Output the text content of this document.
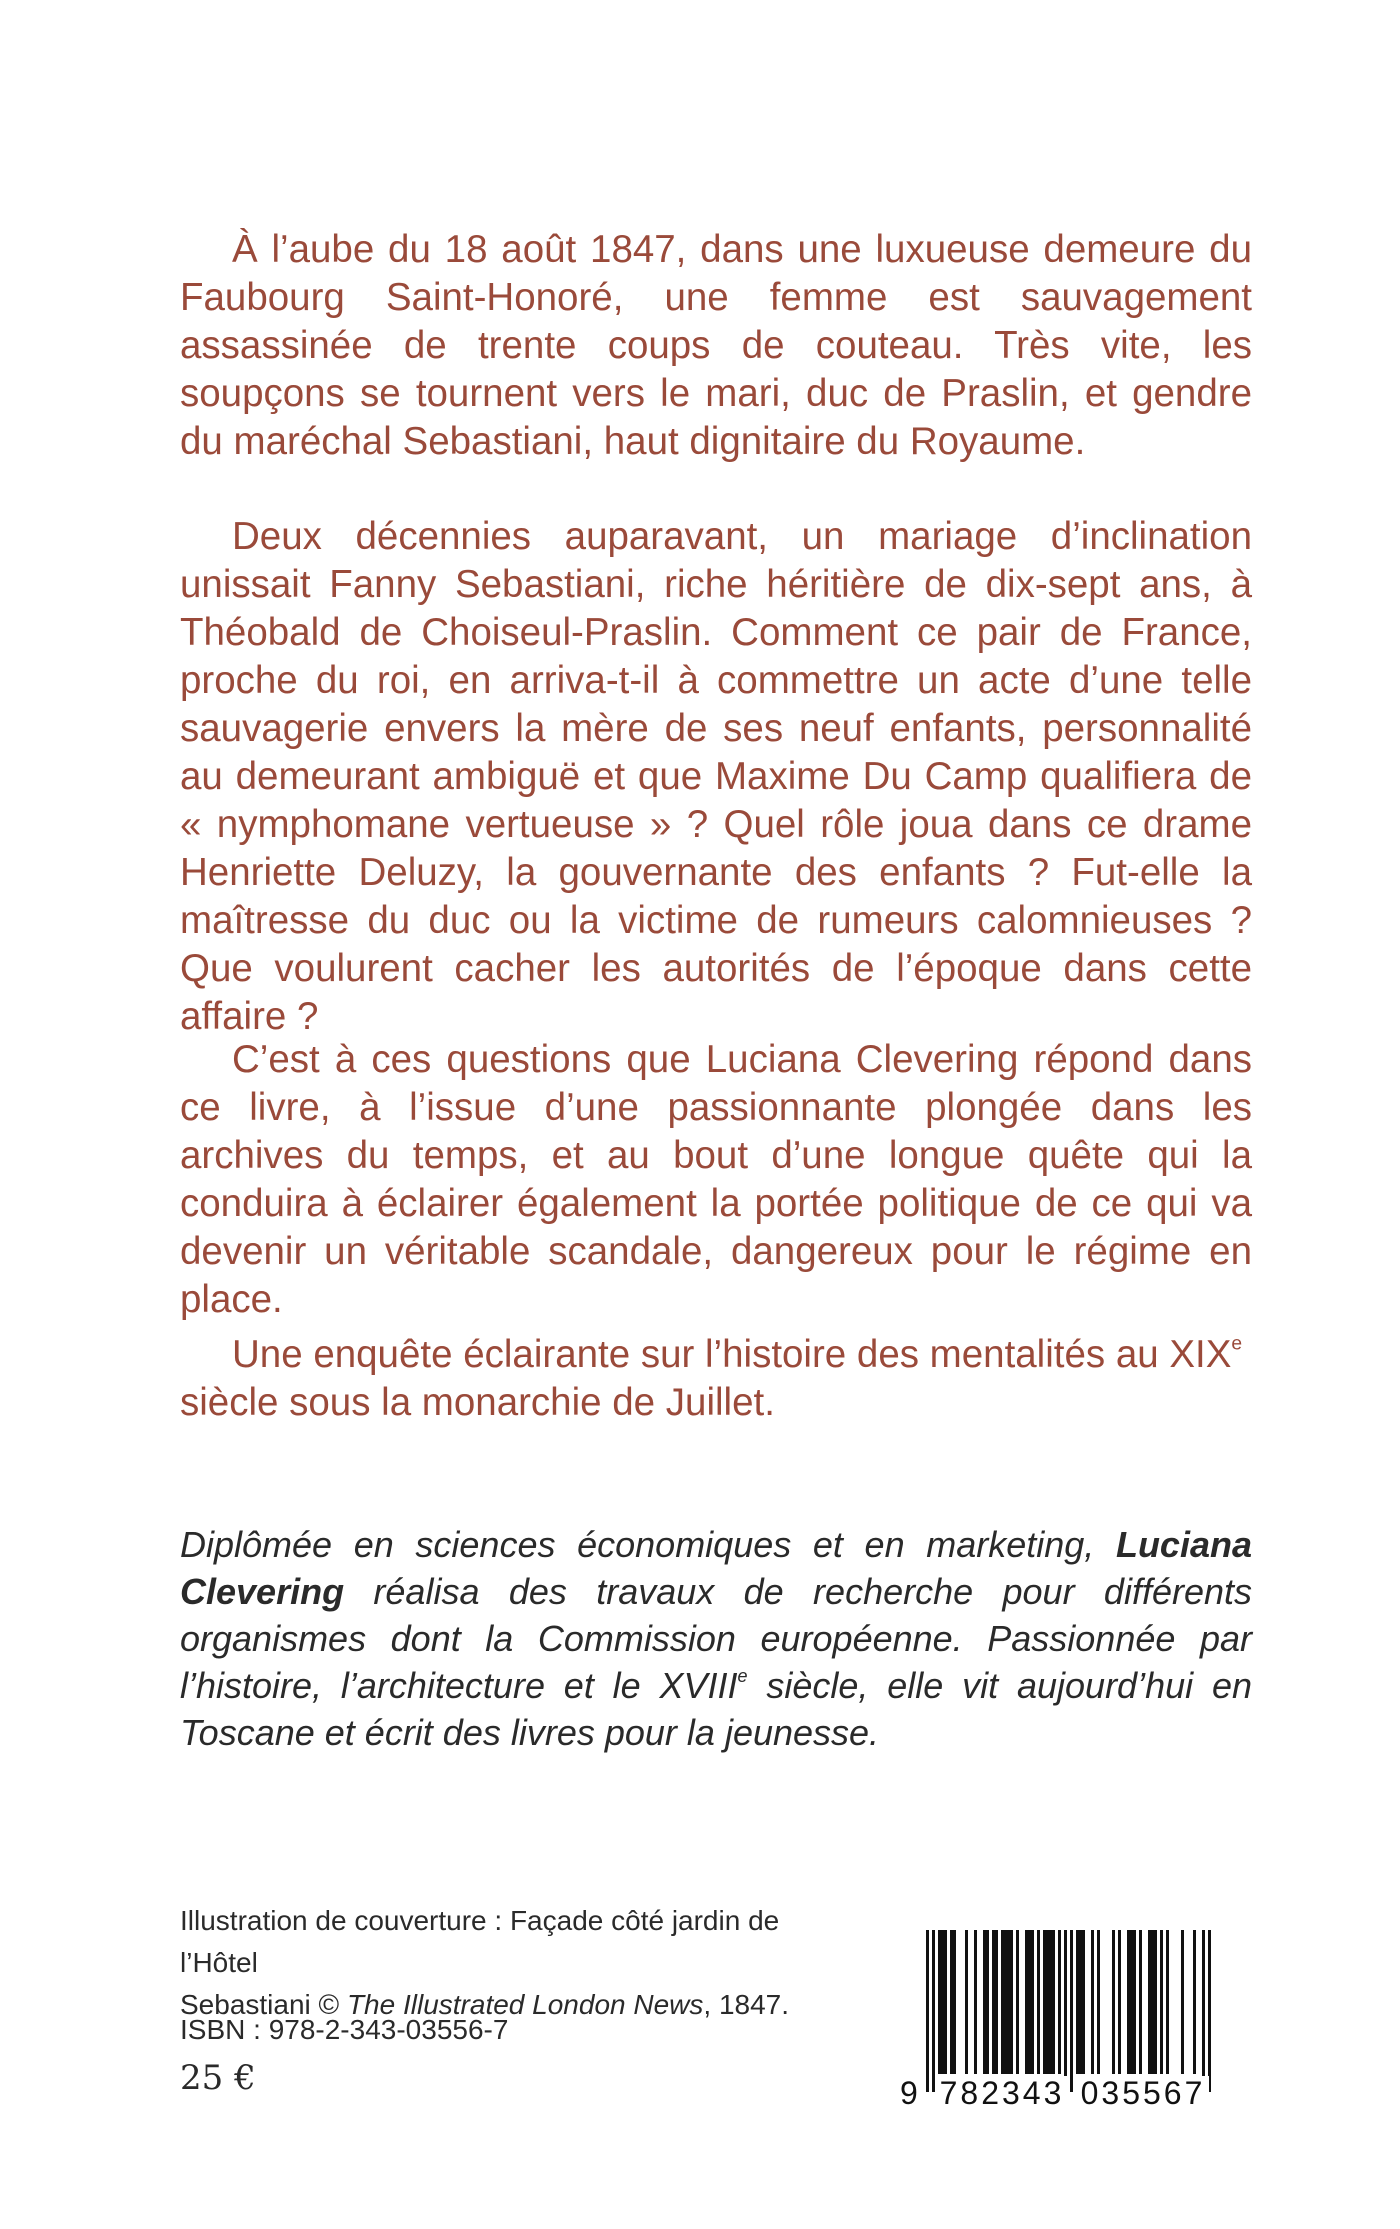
À l’aube du 18 août 1847, dans une luxueuse demeure du Faubourg Saint-Honoré, une femme est sauvagement assassinée de trente coups de couteau. Très vite, les soupçons se tournent vers le mari, duc de Praslin, et gendre du maréchal Sebastiani, haut dignitaire du Royaume.

Deux décennies auparavant, un mariage d’inclination unissait Fanny Sebastiani, riche héritière de dix-sept ans, à Théobald de Choiseul-Praslin. Comment ce pair de France, proche du roi, en arriva-t-il à commettre un acte d’une telle sauvagerie envers la mère de ses neuf enfants, personnalité au demeurant ambiguë et que Maxime Du Camp qualifiera de « nymphomane vertueuse » ? Quel rôle joua dans ce drame Henriette Deluzy, la gouvernante des enfants ? Fut-elle la maîtresse du duc ou la victime de rumeurs calomnieuses ? Que voulurent cacher les autorités de l’époque dans cette affaire ?

C’est à ces questions que Luciana Clevering répond dans ce livre, à l’issue d’une passionnante plongée dans les archives du temps, et au bout d’une longue quête qui la conduira à éclairer également la portée politique de ce qui va devenir un véritable scandale, dangereux pour le régime en place.

Une enquête éclairante sur l’histoire des mentalités au XIXe siècle sous la monarchie de Juillet.

Diplômée en sciences économiques et en marketing, Luciana Clevering réalisa des travaux de recherche pour différents organismes dont la Commission européenne. Passionnée par l’histoire, l’architecture et le XVIIIe siècle, elle vit aujourd’hui en Toscane et écrit des livres pour la jeunesse.

Illustration de couverture : Façade côté jardin de l’Hôtel
Sebastiani © The Illustrated London News, 1847.

ISBN : 978-2-343-03556-7

25 €	9 782343 035567
